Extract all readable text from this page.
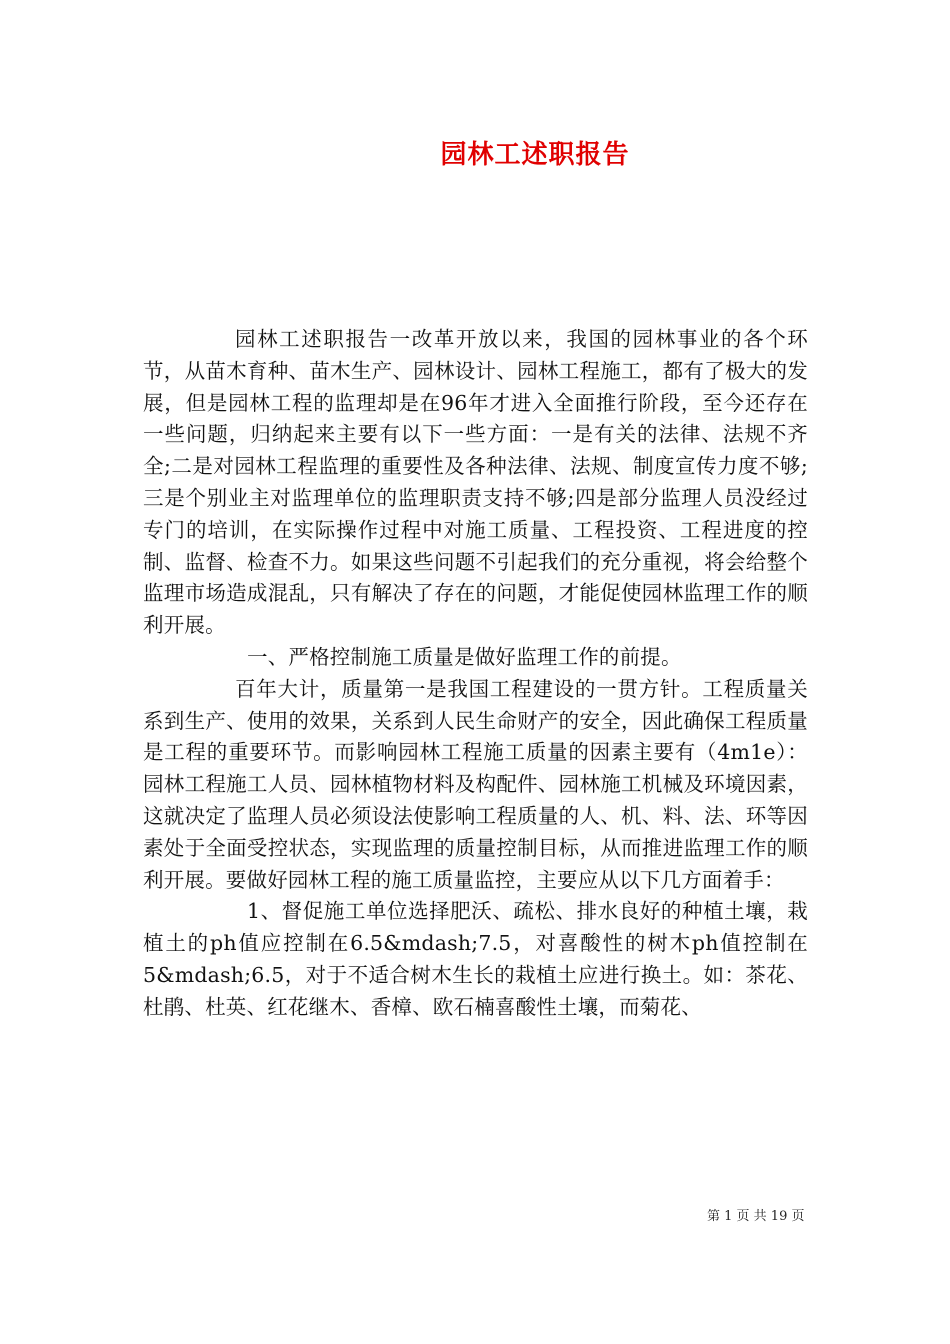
园林工述职报告

园林工述职报告一改革开放以来，我国的园林事业的各个环节，从苗木育种、苗木生产、园林设计、园林工程施工，都有了极大的发展，但是园林工程的监理却是在96年才进入全面推行阶段，至今还存在一些问题，归纳起来主要有以下一些方面：一是有关的法律、法规不齐全;二是对园林工程监理的重要性及各种法律、法规、制度宣传力度不够;三是个别业主对监理单位的监理职责支持不够;四是部分监理人员没经过专门的培训，在实际操作过程中对施工质量、工程投资、工程进度的控制、监督、检查不力。如果这些问题不引起我们的充分重视，将会给整个监理市场造成混乱，只有解决了存在的问题，才能促使园林监理工作的顺利开展。

一、严格控制施工质量是做好监理工作的前提。

百年大计，质量第一是我国工程建设的一贯方针。工程质量关系到生产、使用的效果，关系到人民生命财产的安全，因此确保工程质量是工程的重要环节。而影响园林工程施工质量的因素主要有（4m1e）：园林工程施工人员、园林植物材料及构配件、园林施工机械及环境因素，这就决定了监理人员必须设法使影响工程质量的人、机、料、法、环等因素处于全面受控状态，实现监理的质量控制目标，从而推进监理工作的顺利开展。要做好园林工程的施工质量监控，主要应从以下几方面着手：

1、督促施工单位选择肥沃、疏松、排水良好的种植土壤，栽植土的ph值应控制在6.5&mdash;7.5，对喜酸性的树木ph值控制在5&mdash;6.5，对于不适合树木生长的栽植土应进行换土。如：茶花、杜鹃、杜英、红花继木、香樟、欧石楠喜酸性土壤，而菊花、

第 1 页 共 19 页
